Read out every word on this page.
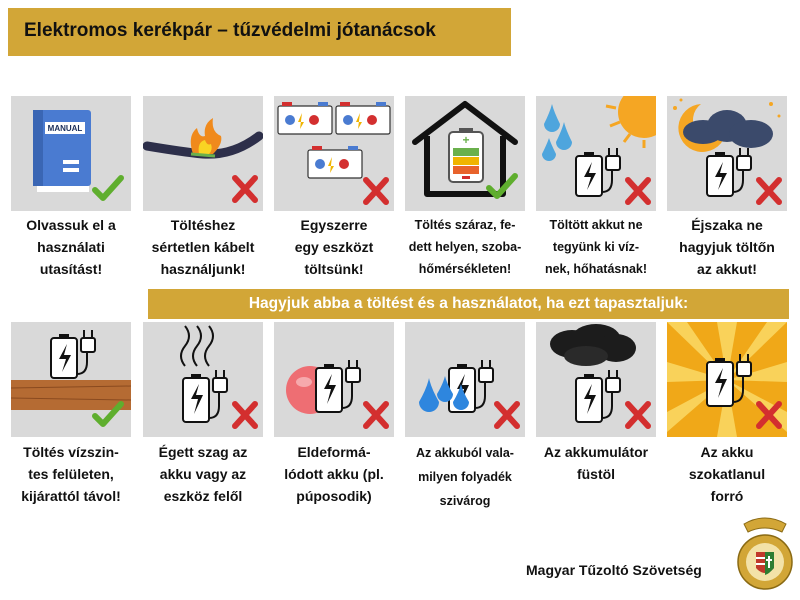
Elektromos kerékpár – tűzvédelmi jótanácsok
MANUAL
+
Olvassuk el a
használati
utasítást!
Töltéshez
sértetlen kábelt
használjunk!
Egyszerre
egy eszközt
töltsünk!
Töltés száraz, fe-
dett helyen, szoba-
hőmérsékleten!
Töltött akkut ne
tegyünk ki víz-
nek, hőhatásnak!
Éjszaka ne
hagyjuk töltőn
az akkut!
Hagyjuk abba a töltést és a használatot, ha ezt tapasztaljuk:
Töltés vízszin-
tes felületen,
kijárattól távol!
Égett szag az
akku vagy az
eszköz felől
Eldeformá-
lódott akku (pl.
púposodik)
Az akkuból vala-
milyen folyadék
szivárog
Az akkumulátor
füstöl
Az akku
szokatlanul
forró
Magyar Tűzoltó Szövetség
